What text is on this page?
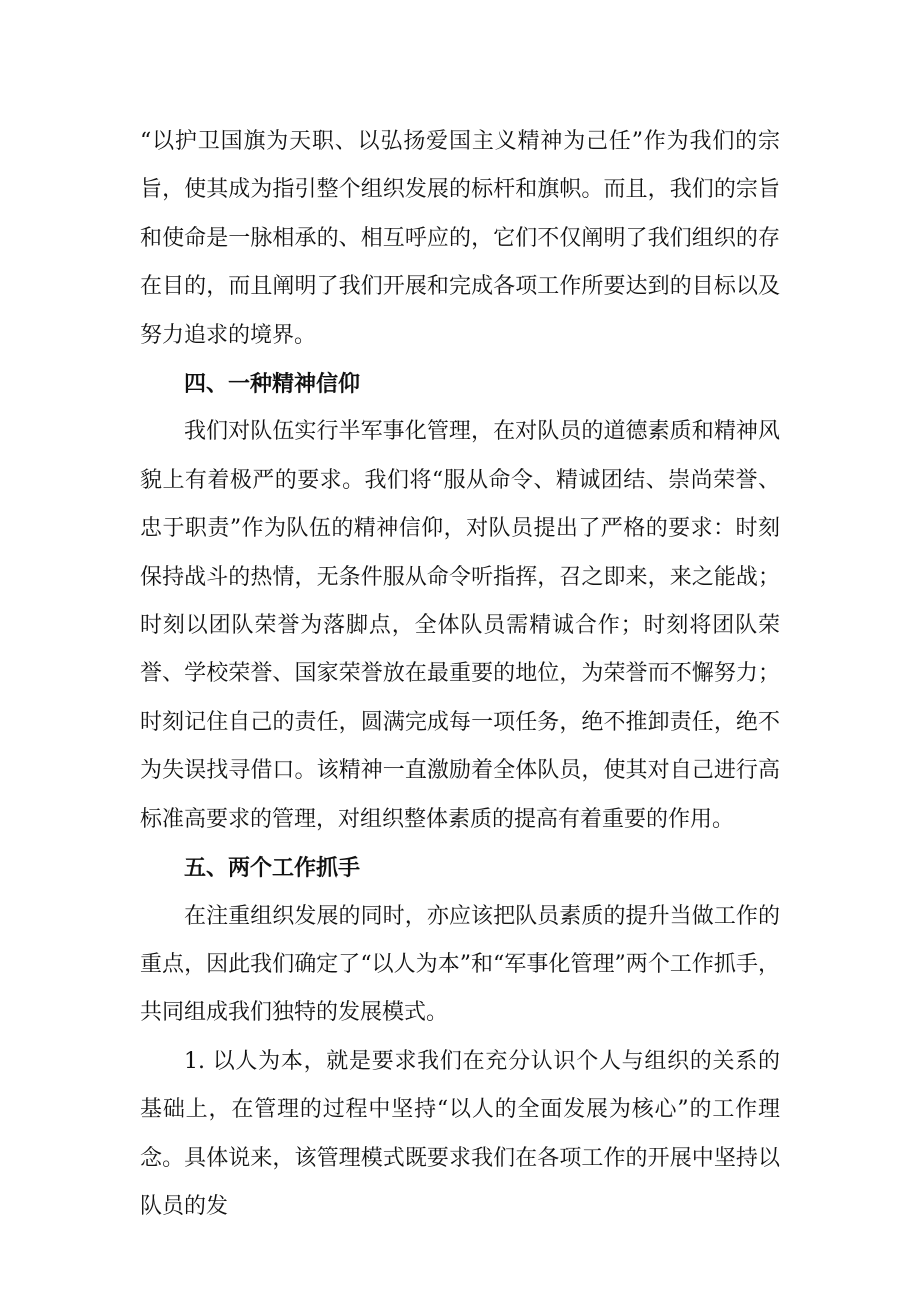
“以护卫国旗为天职、以弘扬爱国主义精神为己任”作为我们的宗旨，使其成为指引整个组织发展的标杆和旗帜。而且，我们的宗旨和使命是一脉相承的、相互呼应的，它们不仅阐明了我们组织的存在目的，而且阐明了我们开展和完成各项工作所要达到的目标以及努力追求的境界。

四、一种精神信仰

我们对队伍实行半军事化管理，在对队员的道德素质和精神风貌上有着极严的要求。我们将“服从命令、精诚团结、崇尚荣誉、忠于职责”作为队伍的精神信仰，对队员提出了严格的要求：时刻保持战斗的热情，无条件服从命令听指挥，召之即来，来之能战；时刻以团队荣誉为落脚点，全体队员需精诚合作；时刻将团队荣誉、学校荣誉、国家荣誉放在最重要的地位，为荣誉而不懈努力；时刻记住自己的责任，圆满完成每一项任务，绝不推卸责任，绝不为失误找寻借口。该精神一直激励着全体队员，使其对自己进行高标准高要求的管理，对组织整体素质的提高有着重要的作用。

五、两个工作抓手

在注重组织发展的同时，亦应该把队员素质的提升当做工作的重点，因此我们确定了“以人为本”和“军事化管理”两个工作抓手，共同组成我们独特的发展模式。

1. 以人为本，就是要求我们在充分认识个人与组织的关系的基础上，在管理的过程中坚持“以人的全面发展为核心”的工作理念。具体说来，该管理模式既要求我们在各项工作的开展中坚持以队员的发
